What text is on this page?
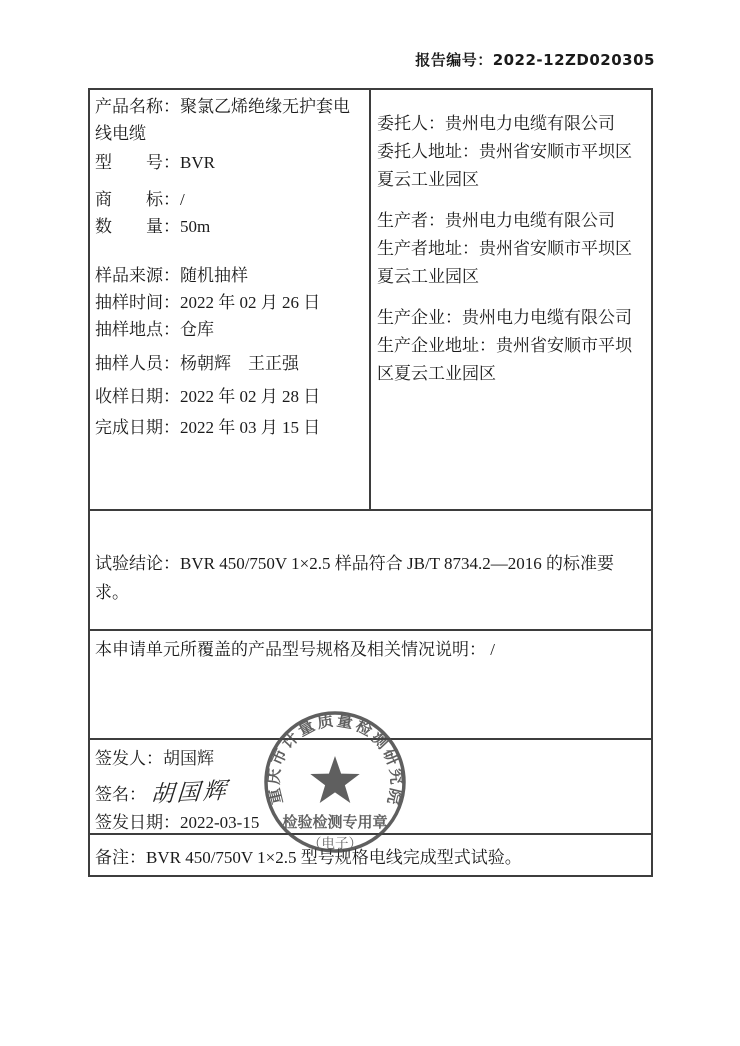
报告编号：2022-12ZD020305

产品名称：聚氯乙烯绝缘无护套电线电缆

型　　号：BVR

商　　标：/

数　　量：50m

样品来源：随机抽样

抽样时间：2022 年 02 月 26 日

抽样地点：仓库

抽样人员：杨朝辉　王正强

收样日期：2022 年 02 月 28 日

完成日期：2022 年 03 月 15 日

委托人：贵州电力电缆有限公司

委托人地址：贵州省安顺市平坝区夏云工业园区

生产者：贵州电力电缆有限公司

生产者地址：贵州省安顺市平坝区夏云工业园区

生产企业：贵州电力电缆有限公司

生产企业地址：贵州省安顺市平坝区夏云工业园区

试验结论：BVR 450/750V 1×2.5 样品符合 JB/T 8734.2—2016 的标准要求。

本申请单元所覆盖的产品型号规格及相关情况说明： /

签发人：胡国辉

签名： 胡国辉

签发日期：2022-03-15

备注：BVR 450/750V 1×2.5 型号规格电线完成型式试验。

重庆市计量质量检测研究院
检验检测专用章
（电子）
